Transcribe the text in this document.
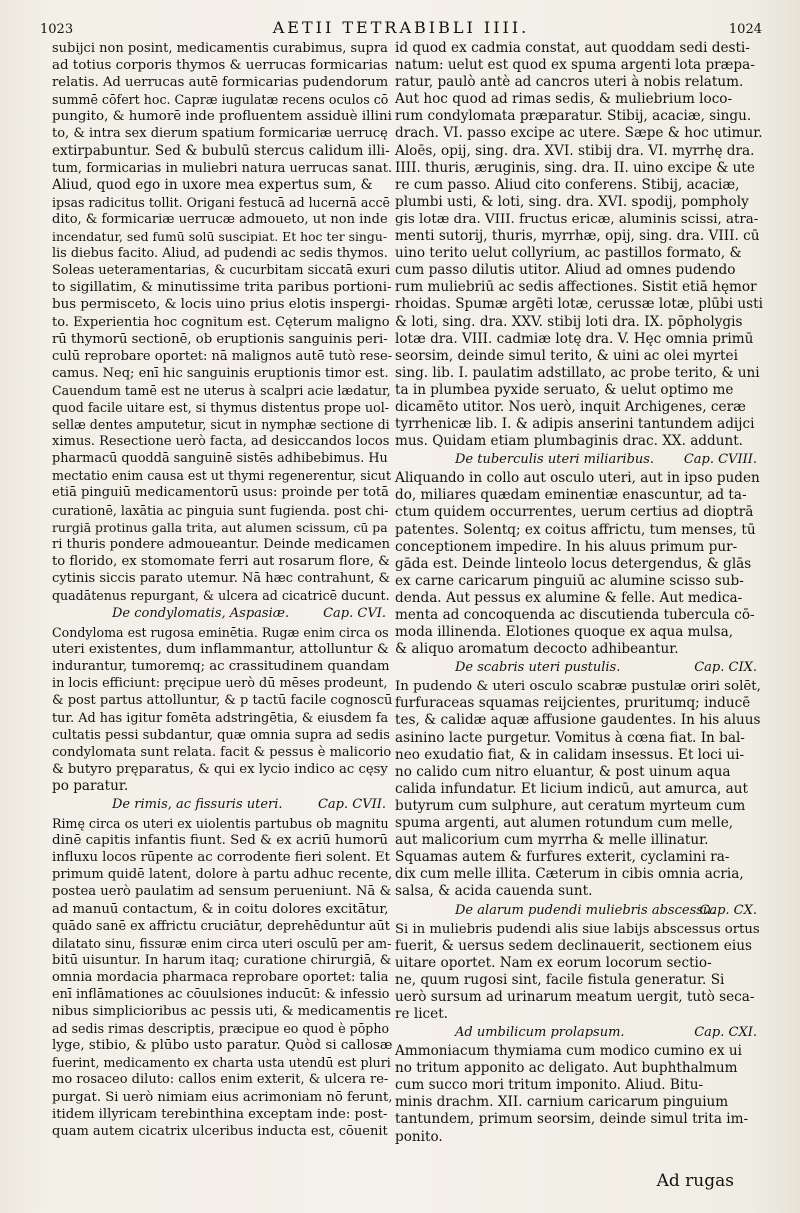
1023	AETII TETRABIBLI IIII.	1024
subijci non posint, medicamentis curabimus, supra
ad totius corporis thymos & uerrucas formicarias
relatis. Ad uerrucas autē formicarias pudendorum
summē cōfert hoc. Capræ iugulatæ recens oculos cō
pungito, & humorē inde profluentem assiduè illini
to, & intra sex dierum spatium formicariæ uerrucę
extirpabuntur. Sed & bubulū stercus calidum illi-
tum, formicarias in muliebri natura uerrucas sanat.
Aliud, quod ego in uxore mea expertus sum, &
ipsas radicitus tollit. Origani festucā ad lucernā accē
dito, & formicariæ uerrucæ admoueto, ut non inde
incendatur, sed fumū solū suscipiat. Et hoc ter singu-
lis diebus facito. Aliud, ad pudendi ac sedis thymos.
Soleas ueteramentarias, & cucurbitam siccatā exuri
to sigillatim, & minutissime trita paribus portioni-
bus permisceto, & locis uino prius elotis inspergi-
to. Experientia hoc cognitum est. Cęterum maligno
rū thymorū sectionē, ob eruptionis sanguinis peri-
culū reprobare oportet: nā malignos autē tutò rese-
camus. Neq; enī hic sanguinis eruptionis timor est.
Cauendum tamē est ne uterus à scalpri acie lædatur,
quod facile uitare est, si thymus distentus prope uol-
sellæ dentes amputetur, sicut in nymphæ sectione di
ximus. Resectione uerò facta, ad desiccandos locos
pharmacū quoddā sanguinē sistēs adhibebimus. Hu
mectatio enim causa est ut thymi regenerentur, sicut
etiā pinguiū medicamentorū usus: proinde per totā
curationē, laxātia ac pinguia sunt fugienda. post chi-
rurgiā protinus galla trita, aut alumen scissum, cū pa
ri thuris pondere admoueantur. Deinde medicamen
to florido, ex stomomate ferri aut rosarum flore, &
cytinis siccis parato utemur. Nā hæc contrahunt, &
quadātenus repurgant, & ulcera ad cicatricē ducunt.
De condylomatis, Aspasiæ.	Cap. CVI.
Condyloma est rugosa eminētia. Rugæ enim circa os
uteri existentes, dum inflammantur, attolluntur &
indurantur, tumoremq; ac crassitudinem quandam
in locis efficiunt: pręcipue uerò dū mēses prodeunt,
& post partus attolluntur, & p tactū facile cognoscū
tur. Ad has igitur fomēta adstringētia, & eiusdem fa
cultatis pessi subdantur, quæ omnia supra ad sedis
condylomata sunt relata. facit & pessus è malicorio
& butyro pręparatus, & qui ex lycio indico ac cęsy
po paratur.
De rimis, ac fissuris uteri.	Cap. CVII.
Rimę circa os uteri ex uiolentis partubus ob magnitu
dinē capitis infantis fiunt. Sed & ex acriū humorū
influxu locos rūpente ac corrodente fieri solent. Et
primum quidē latent, dolore à partu adhuc recente,
postea uerò paulatim ad sensum perueniunt. Nā &
ad manuū contactum, & in coitu dolores excitātur,
quādo sanē ex affrictu cruciātur, deprehēduntur aūt
dilatato sinu, fissuræ enim circa uteri osculū per am-
bitū uisuntur. In harum itaq; curatione chirurgiā, &
omnia mordacia pharmaca reprobare oportet: talia
enī inflāmationes ac cōuulsiones inducūt: & infessio
nibus simplicioribus ac pessis uti, & medicamentis
ad sedis rimas descriptis, præcipue eo quod è pōpho
lyge, stibio, & plūbo usto paratur. Quòd si callosæ
fuerint, medicamento ex charta usta utendū est pluri
mo rosaceo diluto: callos enim exterit, & ulcera re-
purgat. Si uerò nimiam eius acrimoniam nō ferunt,
itidem illyricam terebinthina exceptam inde: post-
quam autem cicatrix ulceribus inducta est, cōuenit
id quod ex cadmia constat, aut quoddam sedi desti-
natum: uelut est quod ex spuma argenti lota præpa-
ratur, paulò antè ad cancros uteri à nobis relatum.
Aut hoc quod ad rimas sedis, & muliebrium loco-
rum condylomata præparatur. Stibij, acaciæ, singu.
drach. VI. passo excipe ac utere. Sæpe & hoc utimur.
Aloēs, opij, sing. dra. XVI. stibij dra. VI. myrrhę dra.
IIII. thuris, æruginis, sing. dra. II. uino excipe & ute
re cum passo. Aliud cito conferens. Stibij, acaciæ,
plumbi usti, & loti, sing. dra. XVI. spodij, pompholy
gis lotæ dra. VIII. fructus ericæ, aluminis scissi, atra-
menti sutorij, thuris, myrrhæ, opij, sing. dra. VIII. cū
uino terito uelut collyrium, ac pastillos formato, &
cum passo dilutis utitor. Aliud ad omnes pudendo
rum muliebriū ac sedis affectiones. Sistit etiā hęmor
rhoidas. Spumæ argēti lotæ, cerussæ lotæ, plūbi usti
& loti, sing. dra. XXV. stibij loti dra. IX. pōpholygis
lotæ dra. VIII. cadmiæ lotę dra. V. Hęc omnia primū
seorsim, deinde simul terito, & uini ac olei myrtei
sing. lib. I. paulatim adstillato, ac probe terito, & uni
ta in plumbea pyxide seruato, & uelut optimo me
dicamēto utitor. Nos uerò, inquit Archigenes, ceræ
tyrrhenicæ lib. I. & adipis anserini tantundem adijci
mus. Quidam etiam plumbaginis drac. XX. addunt.
De tuberculis uteri miliaribus. Cap. CVIII.
Aliquando in collo aut osculo uteri, aut in ipso puden
do, miliares quædam eminentiæ enascuntur, ad ta-
ctum quidem occurrentes, uerum certius ad dioptrā
patentes. Solentq; ex coitus affrictu, tum menses, tū
conceptionem impedire. In his aluus primum pur-
gāda est. Deinde linteolo locus detergendus, & glās
ex carne caricarum pinguiū ac alumine scisso sub-
denda. Aut pessus ex alumine & felle. Aut medica-
menta ad concoquenda ac discutienda tubercula cō-
moda illinenda. Elotiones quoque ex aqua mulsa,
& aliquo aromatum decocto adhibeantur.
De scabris uteri pustulis.	Cap. CIX.
In pudendo & uteri osculo scabræ pustulæ oriri solēt,
furfuraceas squamas reijcientes, pruritumq; inducē
tes, & calidæ aquæ affusione gaudentes. In his aluus
asinino lacte purgetur. Vomitus à cœna fiat. In bal-
neo exudatio fiat, & in calidam insessus. Et loci ui-
no calido cum nitro eluantur, & post uinum aqua
calida infundatur. Et licium indicū, aut amurca, aut
butyrum cum sulphure, aut ceratum myrteum cum
spuma argenti, aut alumen rotundum cum melle,
aut malicorium cum myrrha & melle illinatur.
Squamas autem & furfures exterit, cyclamini ra-
dix cum melle illita. Cæterum in cibis omnia acria,
salsa, & acida cauenda sunt.
De alarum pudendi muliebris abscessu.
Cap. CX.
Si in muliebris pudendi alis siue labijs abscessus ortus
fuerit, & uersus sedem declinauerit, sectionem eius
uitare oportet. Nam ex eorum locorum sectio-
ne, quum rugosi sint, facile fistula generatur. Si
uerò sursum ad urinarum meatum uergit, tutò seca-
re licet.
Ad umbilicum prolapsum.	Cap. CXI.
Ammoniacum thymiama cum modico cumino ex ui
no tritum apponito ac deligato. Aut buphthalmum
cum succo mori tritum imponito. Aliud. Bitu-
minis drachm. XII. carnium caricarum pinguium
tantundem, primum seorsim, deinde simul trita im-
ponito.
Ad rugas
